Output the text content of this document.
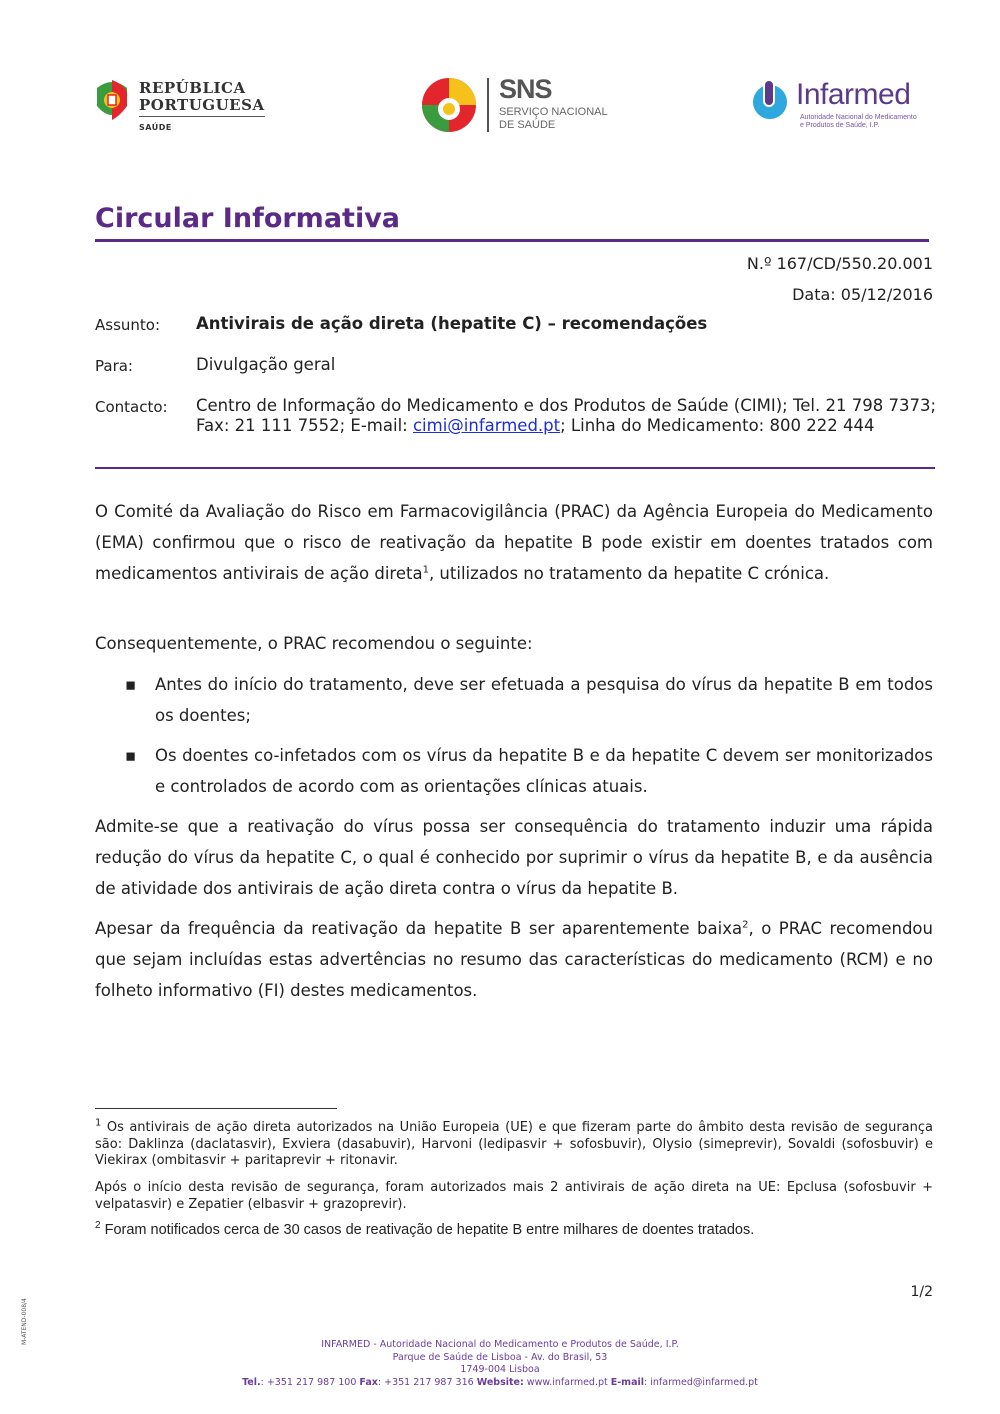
REPÚBLICA
PORTUGUESA
SAÚDE
SNS
SERVIÇO NACIONAL
DE SAÚDE
Infarmed
Autoridade Nacional do Medicamento
e Produtos de Saúde, I.P.
Circular Informativa
N.º 167/CD/550.20.001
Data: 05/12/2016
Assunto: Antivirais de ação direta (hepatite C) – recomendações
Para:	Divulgação geral
Contacto: Centro de Informação do Medicamento e dos Produtos de Saúde (CIMI); Tel. 21 798 7373; Fax: 21 111 7552; E-mail: cimi@infarmed.pt; Linha do Medicamento: 800 222 444
O Comité da Avaliação do Risco em Farmacovigilância (PRAC) da Agência Europeia do Medicamento (EMA) confirmou que o risco de reativação da hepatite B pode existir em doentes tratados com medicamentos antivirais de ação direta$^1$, utilizados no tratamento da hepatite C crónica.
Consequentemente, o PRAC recomendou o seguinte:
▪ Antes do início do tratamento, deve ser efetuada a pesquisa do vírus da hepatite B em todos os doentes;
▪ Os doentes co-infetados com os vírus da hepatite B e da hepatite C devem ser monitorizados e controlados de acordo com as orientações clínicas atuais.
Admite-se que a reativação do vírus possa ser consequência do tratamento induzir uma rápida redução do vírus da hepatite C, o qual é conhecido por suprimir o vírus da hepatite B, e da ausência de atividade dos antivirais de ação direta contra o vírus da hepatite B.
Apesar da frequência da reativação da hepatite B ser aparentemente baixa$^2$, o PRAC recomendou que sejam incluídas estas advertências no resumo das características do medicamento (RCM) e no folheto informativo (FI) destes medicamentos.
$^1$ Os antivirais de ação direta autorizados na União Europeia (UE) e que fizeram parte do âmbito desta revisão de segurança são: Daklinza (daclatasvir), Exviera (dasabuvir), Harvoni (ledipasvir + sofosbuvir), Olysio (simeprevir), Sovaldi (sofosbuvir) e Viekirax (ombitasvir + paritaprevir + ritonavir.
Após o início desta revisão de segurança, foram autorizados mais 2 antivirais de ação direta na UE: Epclusa (sofosbuvir + velpatasvir) e Zepatier (elbasvir + grazoprevir).
$^2$ Foram notificados cerca de 30 casos de reativação de hepatite B entre milhares de doentes tratados.
1/2
M-ATEND-008/4	INFARMED - Autoridade Nacional do Medicamento e Produtos de Saúde, I.P.
Parque de Saúde de Lisboa - Av. do Brasil, 53
1749-004 Lisboa
Tel.: +351 217 987 100 Fax: +351 217 987 316 Website: www.infarmed.pt E-mail: infarmed@infarmed.pt
